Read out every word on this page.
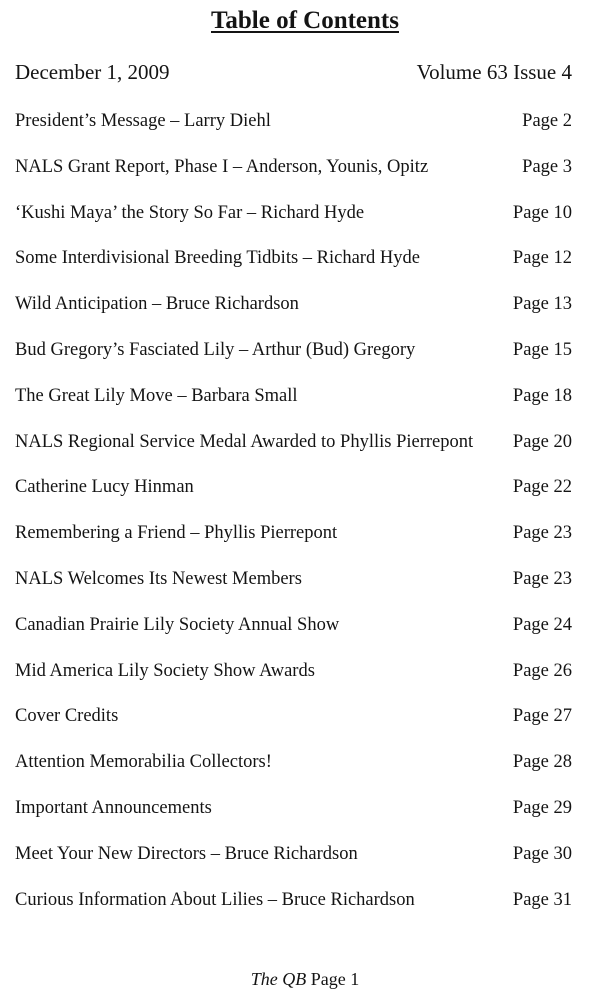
Table of Contents
December 1, 2009	Volume 63 Issue 4
President’s Message – Larry Diehl	Page 2
NALS Grant Report, Phase I – Anderson, Younis, Opitz	Page 3
‘Kushi Maya’ the Story So Far – Richard Hyde	Page 10
Some Interdivisional Breeding Tidbits – Richard Hyde	Page 12
Wild Anticipation – Bruce Richardson	Page 13
Bud Gregory’s Fasciated Lily – Arthur (Bud) Gregory	Page 15
The Great Lily Move – Barbara Small	Page 18
NALS Regional Service Medal Awarded to Phyllis Pierrepont Page 20
Catherine Lucy Hinman	Page 22
Remembering a Friend – Phyllis Pierrepont	Page 23
NALS Welcomes Its Newest Members	Page 23
Canadian Prairie Lily Society Annual Show	Page 24
Mid America Lily Society Show Awards	Page 26
Cover Credits	Page 27
Attention Memorabilia Collectors!	Page 28
Important Announcements	Page 29
Meet Your New Directors – Bruce Richardson	Page 30
Curious Information About Lilies – Bruce Richardson	Page 31
The QB Page 1
